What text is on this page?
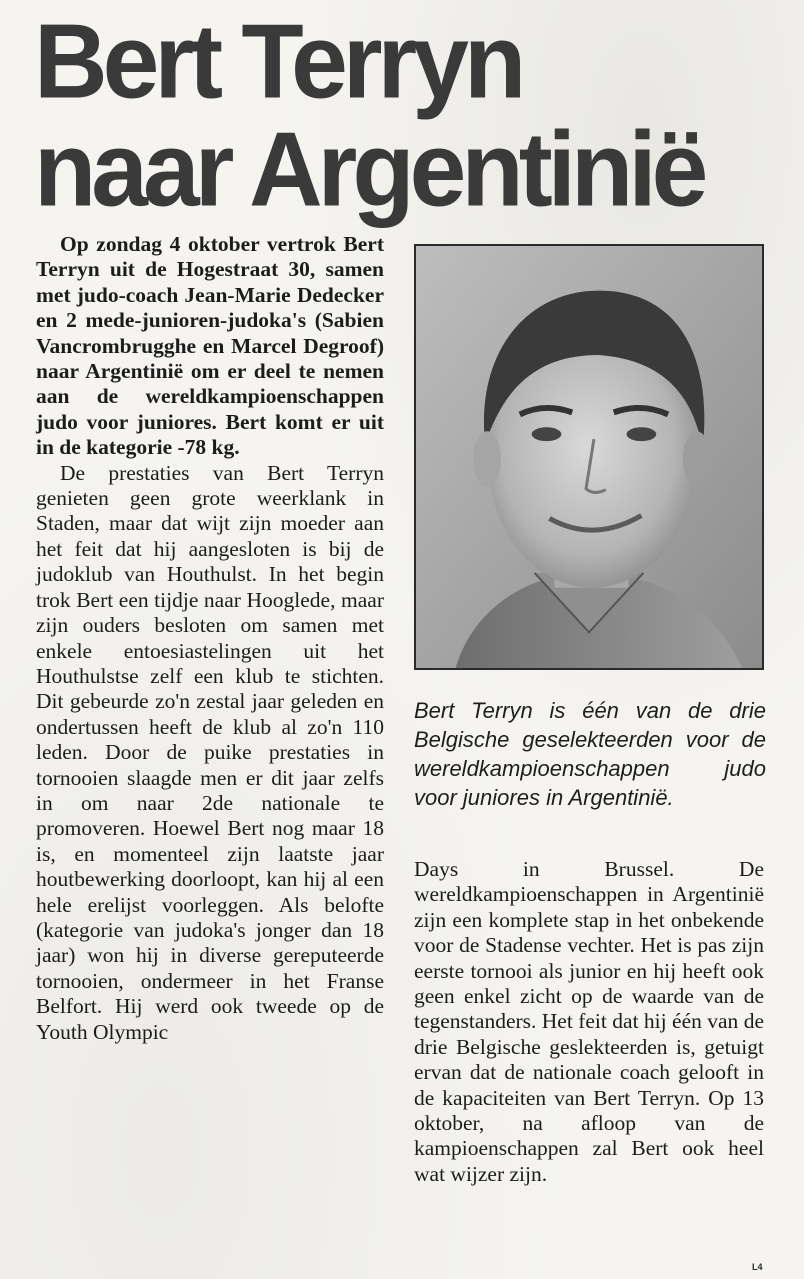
Bert Terryn
naar Argentinië

Op zondag 4 oktober vertrok Bert Terryn uit de Hogestraat 30, samen met judo-coach Jean-Marie Dedecker en 2 mede-junioren-judoka's (Sabien Vancrombrugghe en Marcel Degroof) naar Argentinië om er deel te nemen aan de wereldkampioenschappen judo voor juniores. Bert komt er uit in de kategorie -78 kg.

De prestaties van Bert Terryn genieten geen grote weerklank in Staden, maar dat wijt zijn moeder aan het feit dat hij aangesloten is bij de judoklub van Houthulst. In het begin trok Bert een tijdje naar Hooglede, maar zijn ouders besloten om samen met enkele entoesiastelingen uit het Houthulstse zelf een klub te stichten. Dit gebeurde zo'n zestal jaar geleden en ondertussen heeft de klub al zo'n 110 leden. Door de puike prestaties in tornooien slaagde men er dit jaar zelfs in om naar 2de nationale te promoveren. Hoewel Bert nog maar 18 is, en momenteel zijn laatste jaar houtbewerking doorloopt, kan hij al een hele erelijst voorleggen. Als belofte (kategorie van judoka's jonger dan 18 jaar) won hij in diverse gereputeerde tornooien, ondermeer in het Franse Belfort. Hij werd ook tweede op de Youth Olympic

Bert Terryn is één van de drie Belgische geselekteerden voor de wereldkampioenschappen judo voor juniores in Argentinië.

Days in Brussel. De wereldkampioenschappen in Argentinië zijn een komplete stap in het onbekende voor de Stadense vechter. Het is pas zijn eerste tornooi als junior en hij heeft ook geen enkel zicht op de waarde van de tegenstanders. Het feit dat hij één van de drie Belgische geslekteerden is, getuigt ervan dat de nationale coach gelooft in de kapaciteiten van Bert Terryn. Op 13 oktober, na afloop van de kampioenschappen zal Bert ook heel wat wijzer zijn.

L4
